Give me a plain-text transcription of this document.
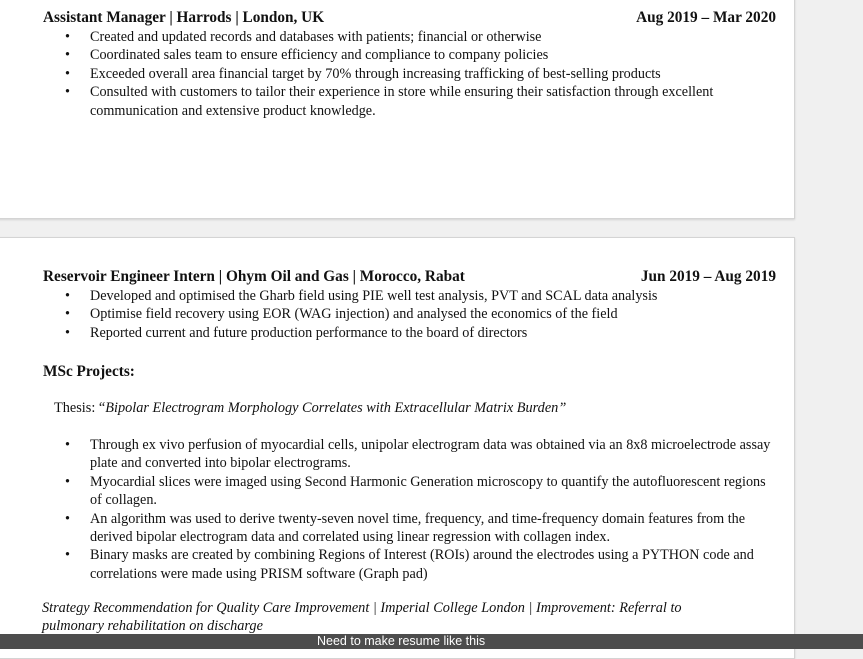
Assistant Manager | Harrods | London, UK	Aug 2019 – Mar 2020
• Created and updated records and databases with patients; financial or otherwise
• Coordinated sales team to ensure efficiency and compliance to company policies
• Exceeded overall area financial target by 70% through increasing trafficking of best-selling products
• Consulted with customers to tailor their experience in store while ensuring their satisfaction through excellent communication and extensive product knowledge.
Reservoir Engineer Intern | Ohym Oil and Gas | Morocco, Rabat	Jun 2019 – Aug 2019
• Developed and optimised the Gharb field using PIE well test analysis, PVT and SCAL data analysis
• Optimise field recovery using EOR (WAG injection) and analysed the economics of the field
• Reported current and future production performance to the board of directors
MSc Projects:
Thesis: “Bipolar Electrogram Morphology Correlates with Extracellular Matrix Burden”
• Through ex vivo perfusion of myocardial cells, unipolar electrogram data was obtained via an 8x8 microelectrode assay plate and converted into bipolar electrograms.
• Myocardial slices were imaged using Second Harmonic Generation microscopy to quantify the autofluorescent regions of collagen.
• An algorithm was used to derive twenty-seven novel time, frequency, and time-frequency domain features from the derived bipolar electrogram data and correlated using linear regression with collagen index.
• Binary masks are created by combining Regions of Interest (ROIs) around the electrodes using a PYTHON code and correlations were made using PRISM software (Graph pad)
Strategy Recommendation for Quality Care Improvement | Imperial College London | Improvement: Referral to pulmonary rehabilitation on discharge
Need to make resume like this
